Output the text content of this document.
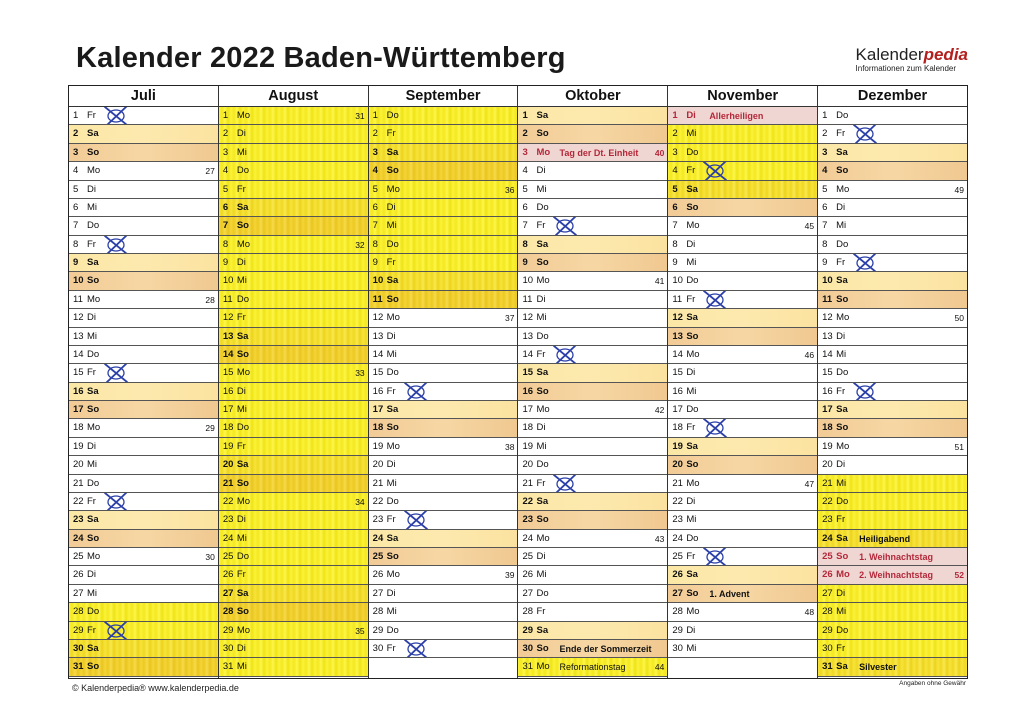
Kalender 2022 Baden-Württemberg	Kalenderpedia
Informationen zum Kalender
Juli
1 Fr
2 Sa
3 So
4 Mo	27
5 Di
6 Mi
7 Do
8 Fr
9 Sa
10 So
11 Mo	28
12 Di
13 Mi
14 Do
15 Fr
16 Sa
17 So
18 Mo	29
19 Di
20 Mi
21 Do
22 Fr
23 Sa
24 So
25 Mo	30
26 Di
27 Mi
28 Do
29 Fr
30 Sa
31 So
August
1 Mo	31
2 Di
3 Mi
4 Do
5 Fr
6 Sa
7 So
8 Mo	32
9 Di
10 Mi
11 Do
12 Fr
13 Sa
14 So
15 Mo	33
16 Di
17 Mi
18 Do
19 Fr
20 Sa
21 So
22 Mo	34
23 Di
24 Mi
25 Do
26 Fr
27 Sa
28 So
29 Mo	35
30 Di
31 Mi
September
1 Do
2 Fr
3 Sa
4 So
5 Mo	36
6 Di
7 Mi
8 Do
9 Fr
10 Sa
11 So
12 Mo	37
13 Di
14 Mi
15 Do
16 Fr
17 Sa
18 So
19 Mo	38
20 Di
21 Mi
22 Do
23 Fr
24 Sa
25 So
26 Mo	39
27 Di
28 Mi
29 Do
30 Fr
Oktober
1 Sa
2 So
3 Mo Tag der Dt. Einheit 40
4 Di
5 Mi
6 Do
7 Fr
8 Sa
9 So
10 Mo	41
11 Di
12 Mi
13 Do
14 Fr
15 Sa
16 So
17 Mo	42
18 Di
19 Mi
20 Do
21 Fr
22 Sa
23 So
24 Mo	43
25 Di
26 Mi
27 Do
28 Fr
29 Sa
30 So Ende der Sommerzeit
31 Mo Reformationstag	44
November
1 Di Allerheiligen
2 Mi
3 Do
4 Fr
5 Sa
6 So
7 Mo	45
8 Di
9 Mi
10 Do
11 Fr
12 Sa
13 So
14 Mo	46
15 Di
16 Mi
17 Do
18 Fr
19 Sa
20 So
21 Mo	47
22 Di
23 Mi
24 Do
25 Fr
26 Sa
27 So 1. Advent
28 Mo	48
29 Di
30 Mi
Dezember
1 Do
2 Fr
3 Sa
4 So
5 Mo	49
6 Di
7 Mi
8 Do
9 Fr
10 Sa
11 So
12 Mo	50
13 Di
14 Mi
15 Do
16 Fr
17 Sa
18 So
19 Mo	51
20 Di
21 Mi
22 Do
23 Fr
24 Sa Heiligabend
25 So 1. Weihnachtstag
26 Mo 2. Weihnachtstag	52
27 Di
28 Mi
29 Do
30 Fr
31 Sa Silvester
© Kalenderpedia® www.kalenderpedia.de	Angaben ohne Gewähr
